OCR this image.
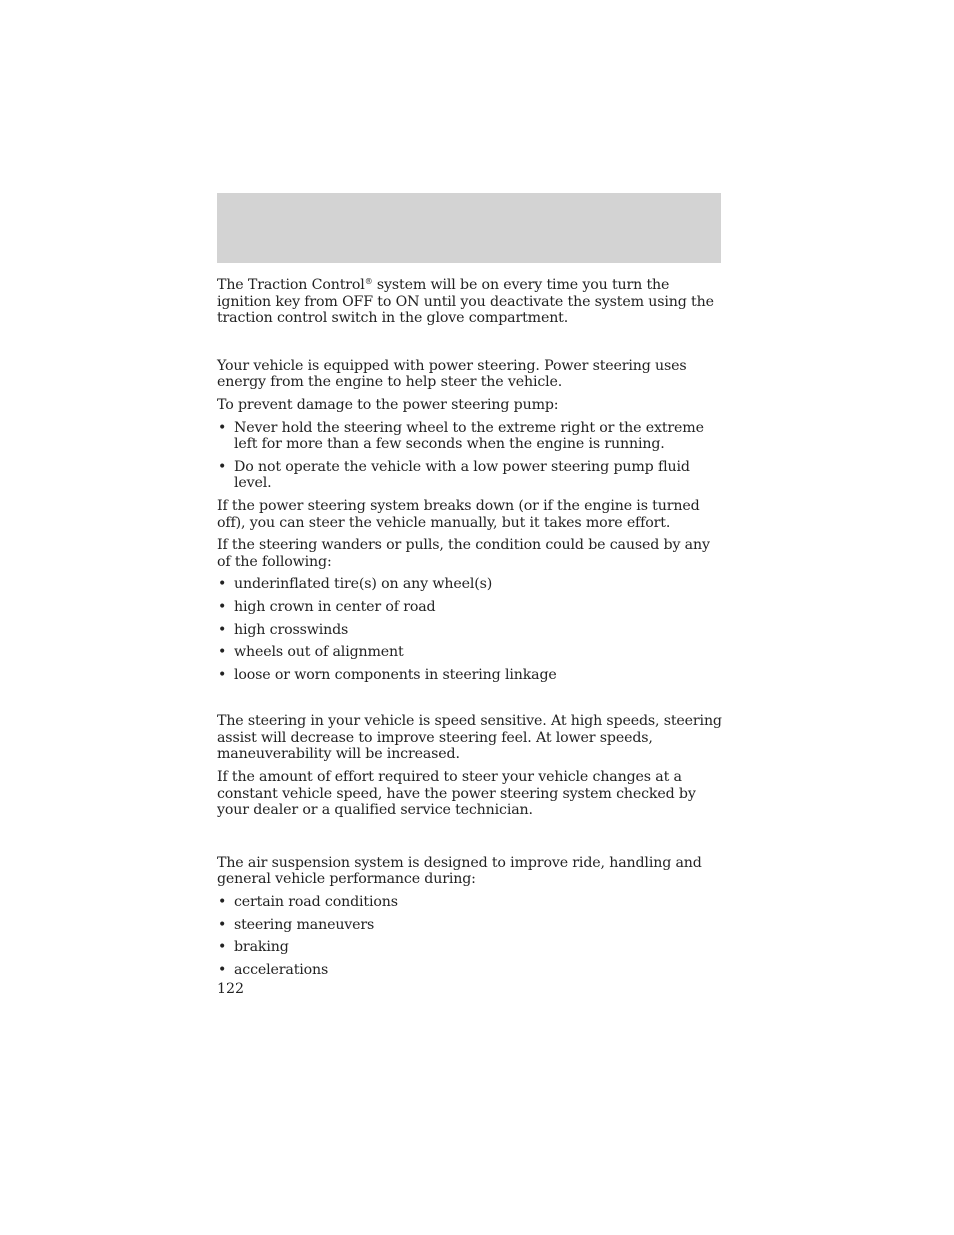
The Traction Control® system will be on every time you turn the ignition key from OFF to ON until you deactivate the system using the traction control switch in the glove compartment.

Your vehicle is equipped with power steering. Power steering uses energy from the engine to help steer the vehicle.

To prevent damage to the power steering pump:

• Never hold the steering wheel to the extreme right or the extreme left for more than a few seconds when the engine is running.
• Do not operate the vehicle with a low power steering pump fluid level.

If the power steering system breaks down (or if the engine is turned off), you can steer the vehicle manually, but it takes more effort.

If the steering wanders or pulls, the condition could be caused by any of the following:

• underinflated tire(s) on any wheel(s)
• high crown in center of road
• high crosswinds
• wheels out of alignment
• loose or worn components in steering linkage

The steering in your vehicle is speed sensitive. At high speeds, steering assist will decrease to improve steering feel. At lower speeds, maneuverability will be increased.

If the amount of effort required to steer your vehicle changes at a constant vehicle speed, have the power steering system checked by your dealer or a qualified service technician.

The air suspension system is designed to improve ride, handling and general vehicle performance during:

• certain road conditions
• steering maneuvers
• braking
• accelerations
122
